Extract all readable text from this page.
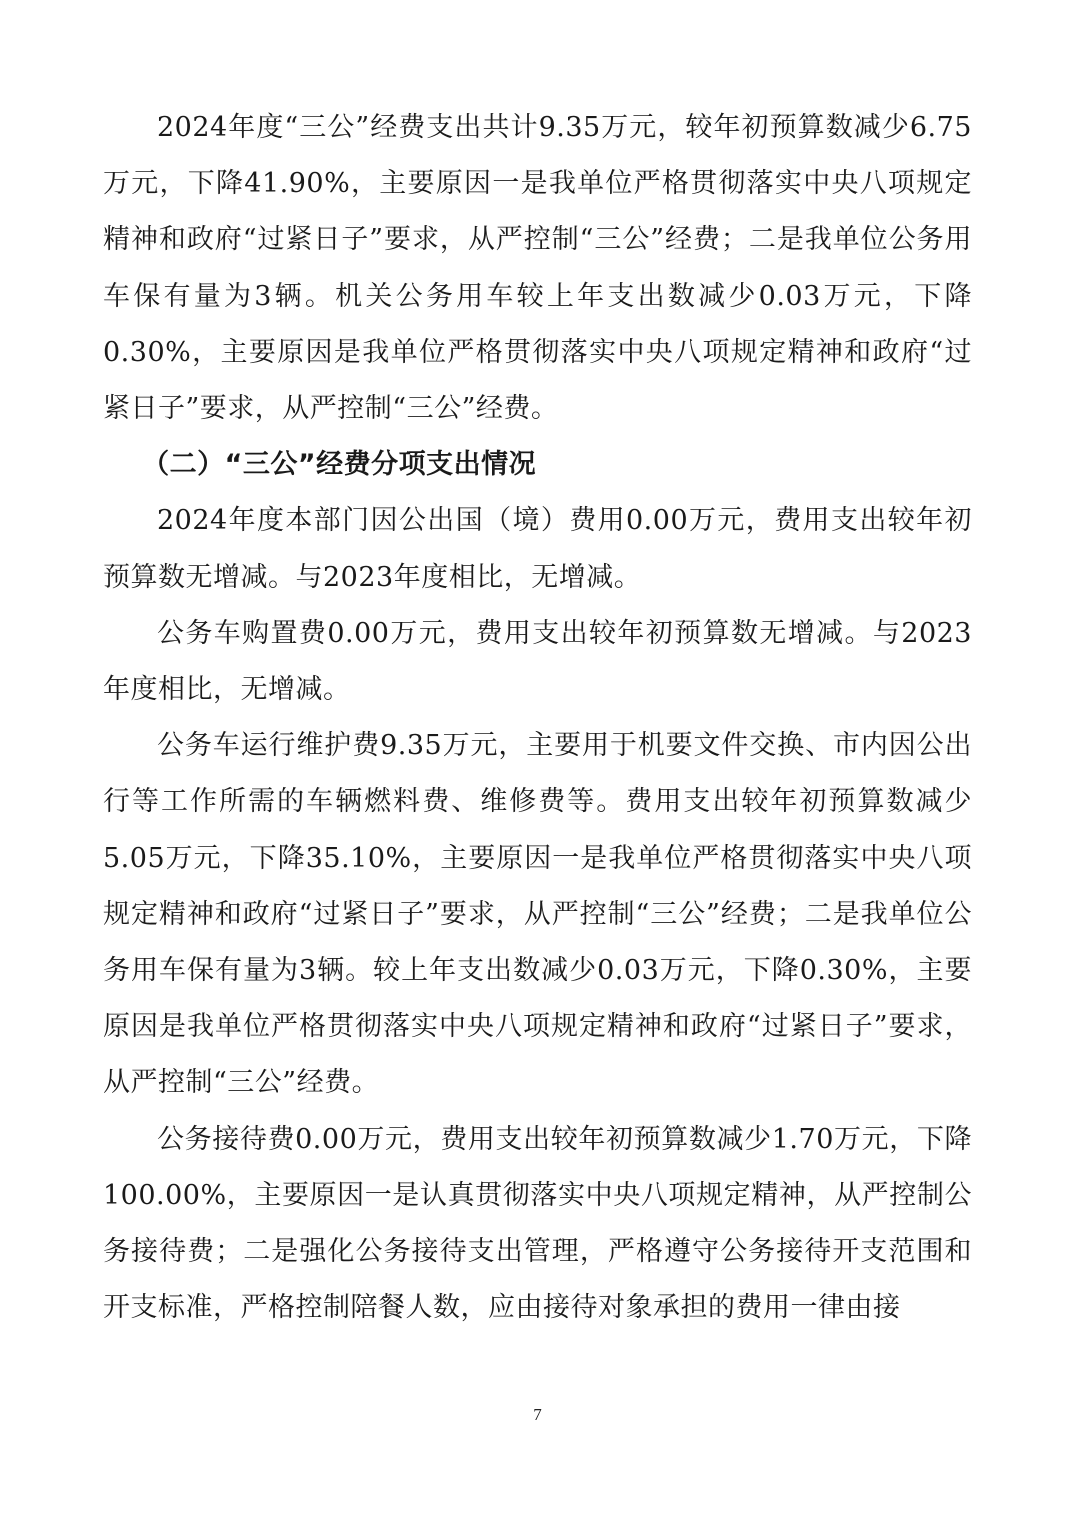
2024年度“三公”经费支出共计9.35万元，较年初预算数减少6.75万元，下降41.90%，主要原因一是我单位严格贯彻落实中央八项规定精神和政府“过紧日子”要求，从严控制“三公”经费；二是我单位公务用车保有量为3辆。机关公务用车较上年支出数减少0.03万元，下降0.30%，主要原因是我单位严格贯彻落实中央八项规定精神和政府“过紧日子”要求，从严控制“三公”经费。

（二）“三公”经费分项支出情况

2024年度本部门因公出国（境）费用0.00万元，费用支出较年初预算数无增减。与2023年度相比，无增减。

公务车购置费0.00万元，费用支出较年初预算数无增减。与2023年度相比，无增减。

公务车运行维护费9.35万元，主要用于机要文件交换、市内因公出行等工作所需的车辆燃料费、维修费等。费用支出较年初预算数减少5.05万元，下降35.10%，主要原因一是我单位严格贯彻落实中央八项规定精神和政府“过紧日子”要求，从严控制“三公”经费；二是我单位公务用车保有量为3辆。较上年支出数减少0.03万元，下降0.30%，主要原因是我单位严格贯彻落实中央八项规定精神和政府“过紧日子”要求，从严控制“三公”经费。

公务接待费0.00万元，费用支出较年初预算数减少1.70万元，下降100.00%，主要原因一是认真贯彻落实中央八项规定精神，从严控制公务接待费；二是强化公务接待支出管理，严格遵守公务接待开支范围和开支标准，严格控制陪餐人数，应由接待对象承担的费用一律由接

7
